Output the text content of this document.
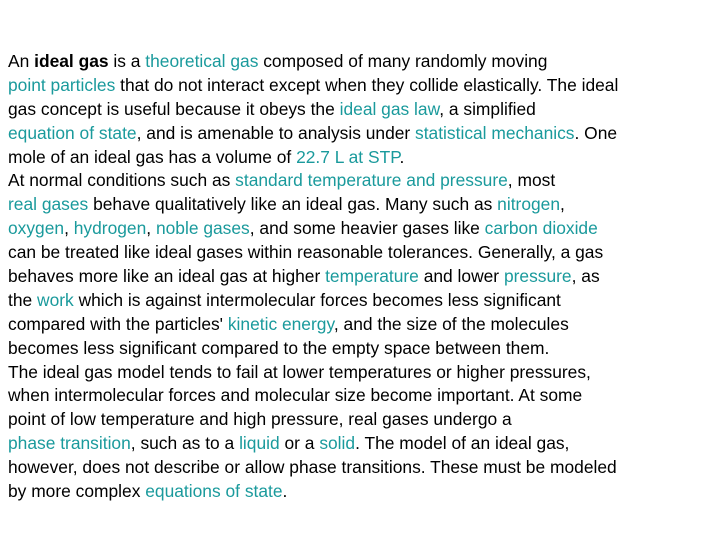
An ideal gas is a theoretical gas composed of many randomly moving
point particles that do not interact except when they collide elastically. The ideal
gas concept is useful because it obeys the ideal gas law, a simplified
equation of state, and is amenable to analysis under statistical mechanics. One
mole of an ideal gas has a volume of 22.7 L at STP.
At normal conditions such as standard temperature and pressure, most
real gases behave qualitatively like an ideal gas. Many such as nitrogen,
oxygen, hydrogen, noble gases, and some heavier gases like carbon dioxide
can be treated like ideal gases within reasonable tolerances. Generally, a gas
behaves more like an ideal gas at higher temperature and lower pressure, as
the work which is against intermolecular forces becomes less significant
compared with the particles' kinetic energy, and the size of the molecules
becomes less significant compared to the empty space between them.
The ideal gas model tends to fail at lower temperatures or higher pressures,
when intermolecular forces and molecular size become important. At some
point of low temperature and high pressure, real gases undergo a
phase transition, such as to a liquid or a solid. The model of an ideal gas,
however, does not describe or allow phase transitions. These must be modeled
by more complex equations of state.
